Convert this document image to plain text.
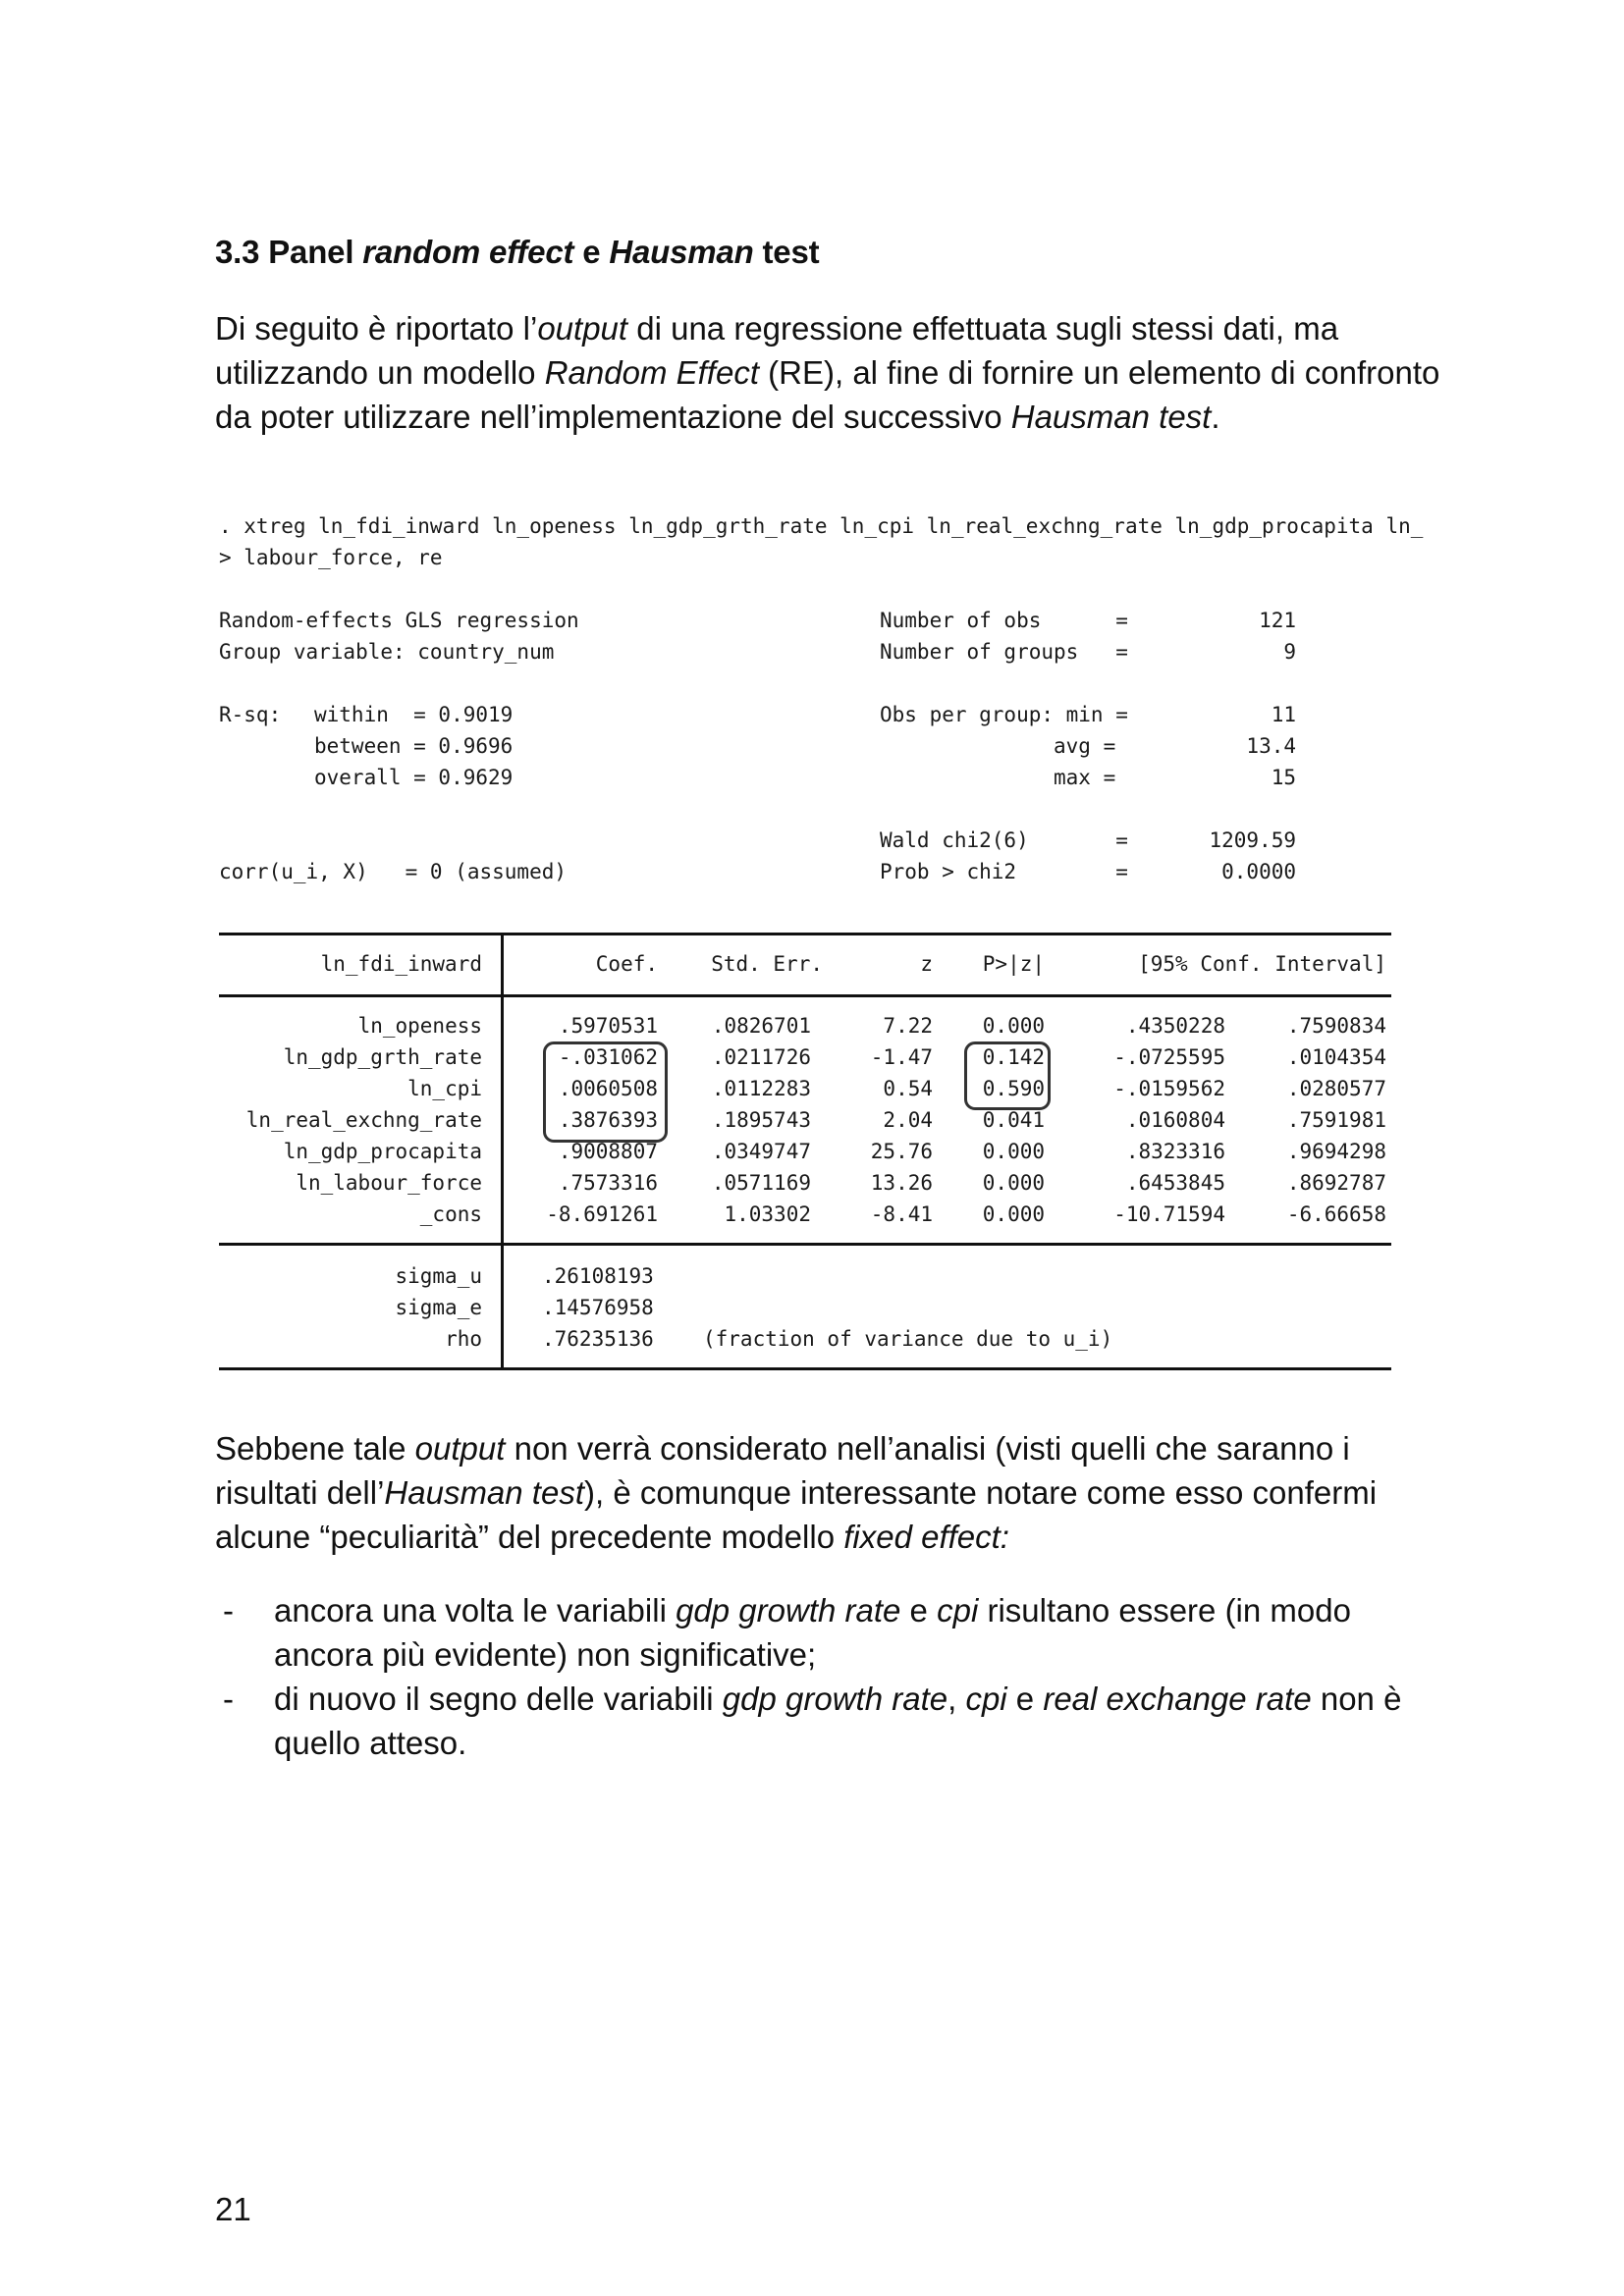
3.3 Panel random effect e Hausman test
Di seguito è riportato l’output di una regressione effettuata sugli stessi dati, ma utilizzando un modello Random Effect (RE), al fine di fornire un elemento di confronto da poter utilizzare nell’implementazione del successivo Hausman test.
. xtreg ln_fdi_inward ln_openess ln_gdp_grth_rate ln_cpi ln_real_exchng_rate ln_gdp_procapita ln_
> labour_force, re
Random-effects GLS regression
Group variable: country_num
R-sq: within  = 0.9019
between = 0.9696
overall = 0.9629
corr(u_i, X)   = 0 (assumed)
Number of obs      =	121
Number of groups   =	9
Obs per group: min =	11
avg =	13.4
max =	15
Wald chi2(6)       =	1209.59
Prob > chi2        =	0.0000
ln_fdi_inward	Coef.	Std. Err.	z	P>|z|	[95% Conf. Interval]
ln_openess	.5970531	.0826701	7.22	0.000	.4350228	.7590834
ln_gdp_grth_rate	-.031062	.0211726	-1.47	0.142	-.0725595	.0104354
ln_cpi	.0060508	.0112283	0.54	0.590	-.0159562	.0280577
ln_real_exchng_rate	.3876393	.1895743	2.04	0.041	.0160804	.7591981
ln_gdp_procapita	.9008807	.0349747	25.76	0.000	.8323316	.9694298
ln_labour_force	.7573316	.0571169	13.26	0.000	.6453845	.8692787
_cons	-8.691261	1.03302	-8.41	0.000	-10.71594	-6.66658
sigma_u	.26108193
sigma_e	.14576958
rho	.76235136 (fraction of variance due to u_i)
Sebbene tale output non verrà considerato nell’analisi (visti quelli che saranno i risultati dell’Hausman test), è comunque interessante notare come esso confermi alcune “peculiarità” del precedente modello fixed effect:
- ancora una volta le variabili gdp growth rate e cpi risultano essere (in modo ancora più evidente) non significative;
- di nuovo il segno delle variabili gdp growth rate, cpi e real exchange rate non è quello atteso.
21
